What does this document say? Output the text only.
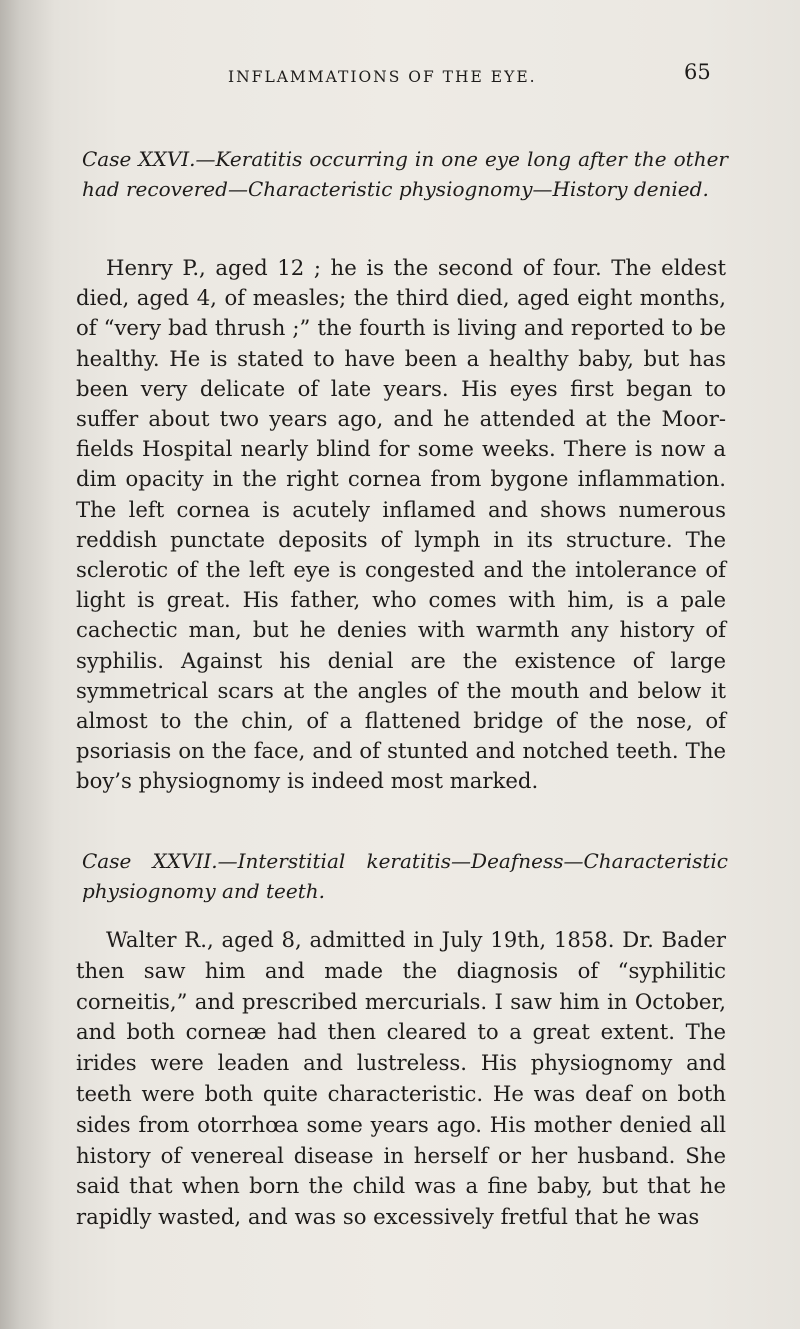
INFLAMMATIONS OF THE EYE.	65
Case XXVI.—Keratitis occurring in one eye long after the other had recovered—Characteristic physiognomy—History denied.
Henry P., aged 12 ; he is the second of four. The eldest died, aged 4, of measles; the third died, aged eight months, of “very bad thrush ;” the fourth is living and reported to be healthy. He is stated to have been a healthy baby, but has been very delicate of late years. His eyes first began to suffer about two years ago, and he attended at the Moorfields Hospital nearly blind for some weeks. There is now a dim opacity in the right cornea from bygone inflammation. The left cornea is acutely inflamed and shows numerous reddish punctate deposits of lymph in its structure. The sclerotic of the left eye is congested and the intolerance of light is great. His father, who comes with him, is a pale cachectic man, but he denies with warmth any history of syphilis. Against his denial are the existence of large symmetrical scars at the angles of the mouth and below it almost to the chin, of a flattened bridge of the nose, of psoriasis on the face, and of stunted and notched teeth. The boy’s physiognomy is indeed most marked.
Case XXVII.—Interstitial keratitis—Deafness—Characteristic physiognomy and teeth.
Walter R., aged 8, admitted in July 19th, 1858. Dr. Bader then saw him and made the diagnosis of “syphilitic corneitis,” and prescribed mercurials. I saw him in October, and both corneæ had then cleared to a great extent. The irides were leaden and lustreless. His physiognomy and teeth were both quite characteristic. He was deaf on both sides from otorrhœa some years ago. His mother denied all history of venereal disease in herself or her husband. She said that when born the child was a fine baby, but that he rapidly wasted, and was so excessively fretful that he was
